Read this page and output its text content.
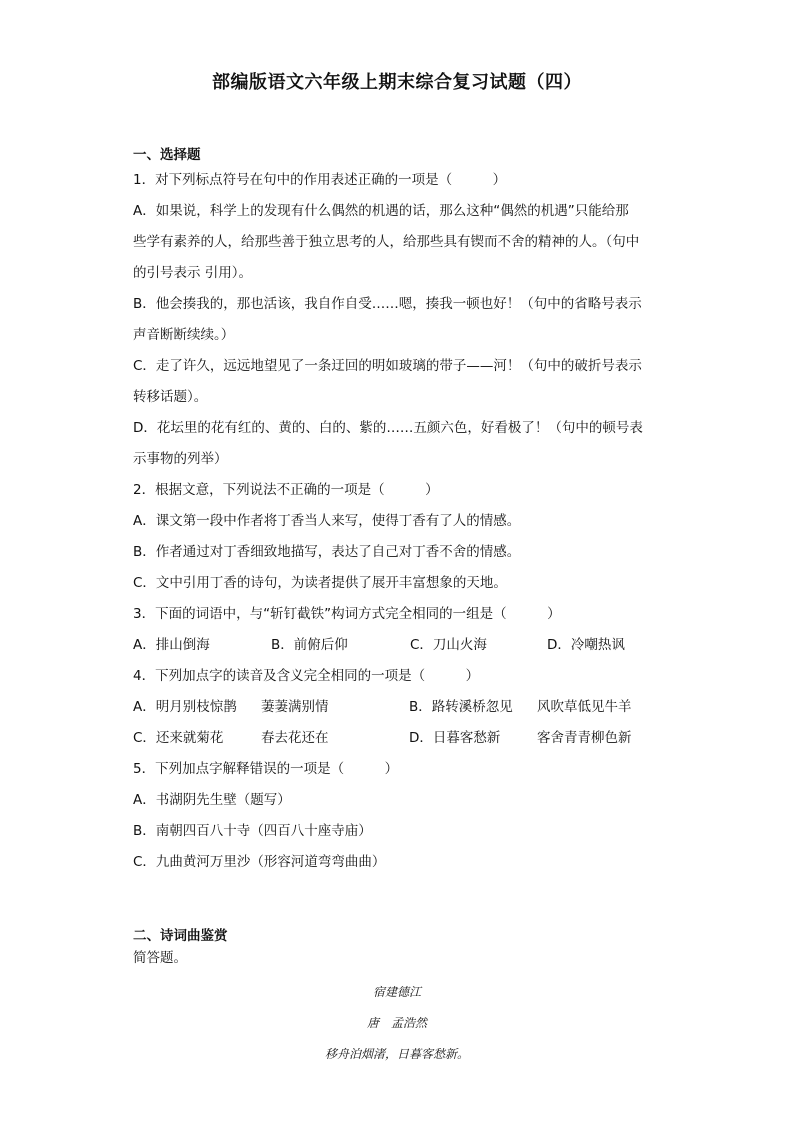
部编版语文六年级上期末综合复习试题（四）
一、选择题

1．对下列标点符号在句中的作用表述正确的一项是（　　　）

A．如果说，科学上的发现有什么偶然的机遇的话，那么这种“偶然的机遇”只能给那

些学有素养的人，给那些善于独立思考的人，给那些具有锲而不舍的精神的人。（句中

的引号表示 引用）。

B．他会揍我的，那也活该，我自作自受……嗯，揍我一顿也好！（句中的省略号表示

声音断断续续。）

C．走了许久，远远地望见了一条迂回的明如玻璃的带子——河！（句中的破折号表示

转移话题）。

D．花坛里的花有红的、黄的、白的、紫的……五颜六色，好看极了！（句中的顿号表

示事物的列举）

2．根据文意，下列说法不正确的一项是（　　　）

A．课文第一段中作者将丁香当人来写，使得丁香有了人的情感。

B．作者通过对丁香细致地描写，表达了自己对丁香不舍的情感。

C．文中引用丁香的诗句，为读者提供了展开丰富想象的天地。

3．下面的词语中，与“斩钉截铁”构词方式完全相同的一组是（　　　）

A．排山倒海	B．前俯后仰	C．刀山火海	D．冷嘲热讽

4．下列加点字的读音及含义完全相同的一项是（　　　）

A．明月别枝惊鹊 萋萋满别情	B．路转溪桥忽见 风吹草低见牛羊
C．还来就菊花	春去花还在	D．日暮客愁新	客舍青青柳色新

5．下列加点字解释错误的一项是（　　　）

A．书湖阴先生壁（题写）

B．南朝四百八十寺（四百八十座寺庙）

C．九曲黄河万里沙（形容河道弯弯曲曲）

二、诗词曲鉴赏
简答题。
宿建德江
唐　孟浩然
移舟泊烟渚，日暮客愁新。
